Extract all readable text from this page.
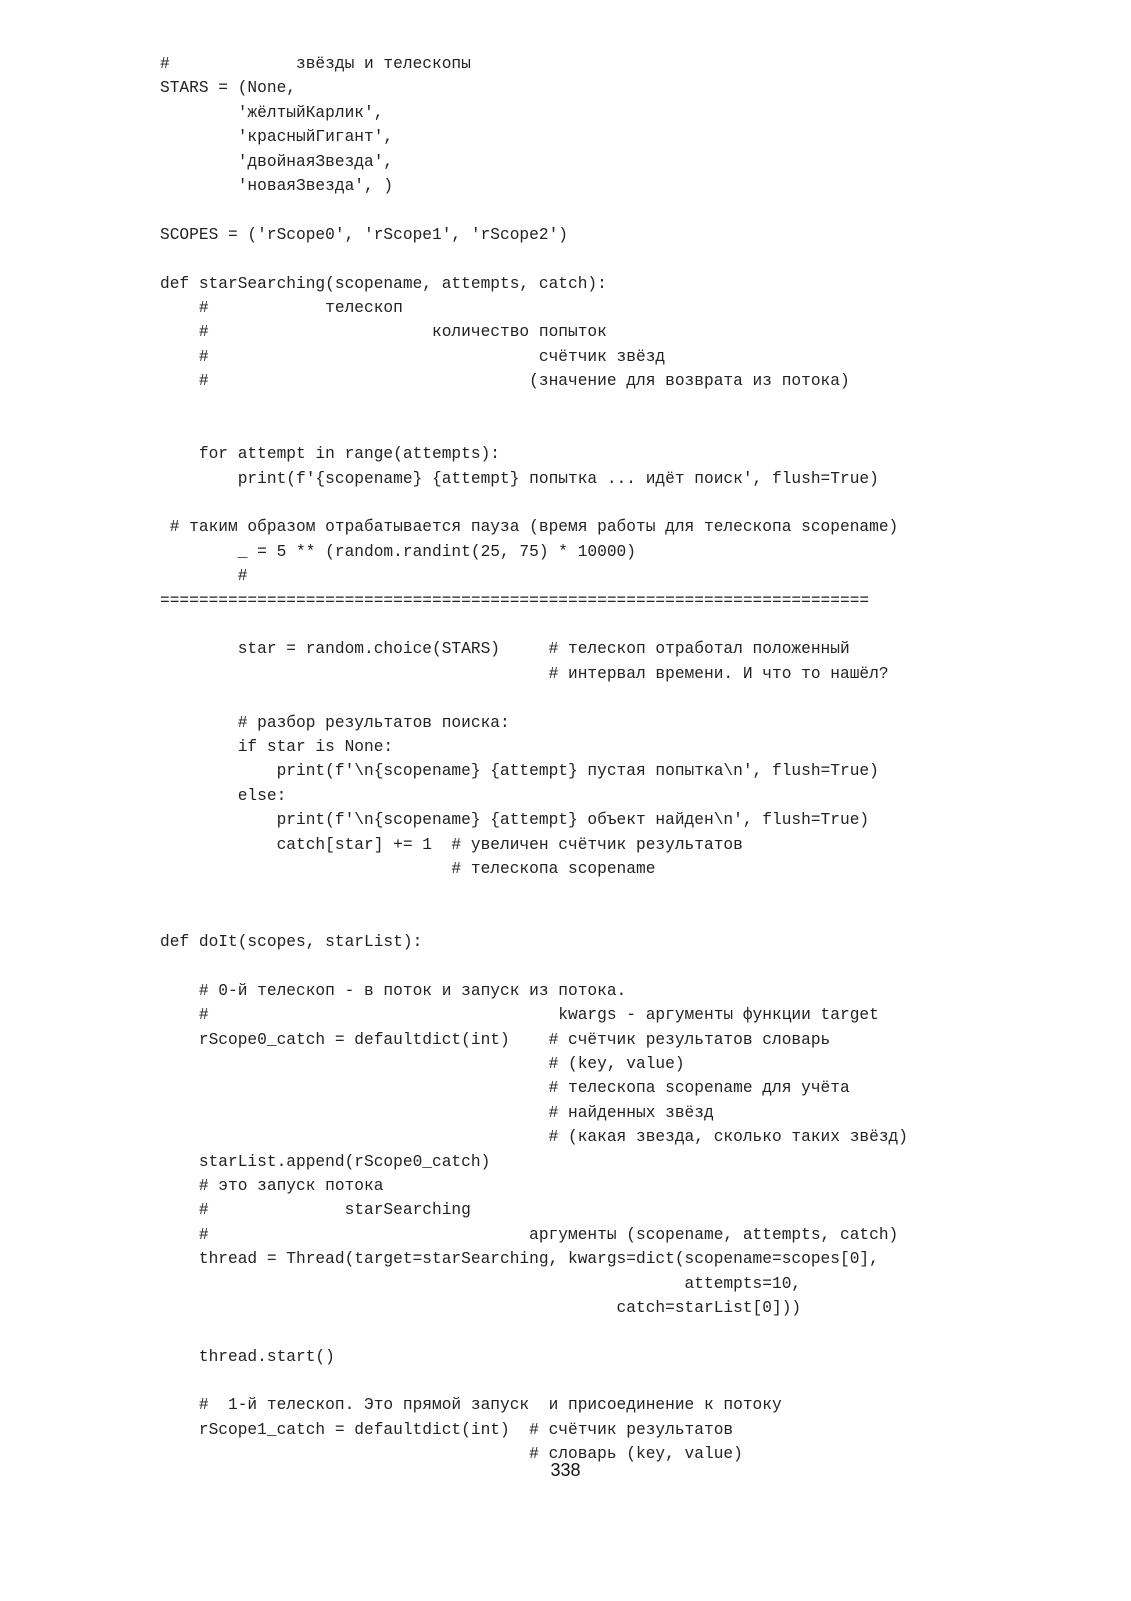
#             звёзды и телескопы
STARS = (None,
'жёлтыйКарлик',
'красныйГигант',
'двойнаяЗвезда',
'новаяЗвезда', )
SCOPES = ('rScope0', 'rScope1', 'rScope2')
def starSearching(scopename, attempts, catch):
#            телескоп
#                       количество попыток
#                                  счётчик звёзд
#                                 (значение для возврата из потока)
for attempt in range(attempts):
print(f'{scopename} {attempt} попытка ... идёт поиск', flush=True)
# таким образом отрабатывается пауза (время работы для телескопа scopename)
_ = 5 ** (random.randint(25, 75) * 10000)
#
=========================================================================
star = random.choice(STARS)     # телескоп отработал положенный
# интервал времени. И что то нашёл?
# разбор результатов поиска:
if star is None:
print(f'\n{scopename} {attempt} пустая попытка\n', flush=True)
else:
print(f'\n{scopename} {attempt} объект найден\n', flush=True)
catch[star] += 1  # увеличен счётчик результатов
# телескопа scopename
def doIt(scopes, starList):
# 0-й телескоп - в поток и запуск из потока.
#                                    kwargs - аргументы функции target
rScope0_catch = defaultdict(int)    # счётчик результатов словарь
# (key, value)
# телескопа scopename для учёта
# найденных звёзд
# (какая звезда, сколько таких звёзд)
starList.append(rScope0_catch)
# это запуск потока
#              starSearching
#                                 аргументы (scopename, attempts, catch)
thread = Thread(target=starSearching, kwargs=dict(scopename=scopes[0],
attempts=10,
catch=starList[0]))
thread.start()
#  1-й телескоп. Это прямой запуск  и присоединение к потоку
rScope1_catch = defaultdict(int)  # счётчик результатов
# словарь (key, value)
338
